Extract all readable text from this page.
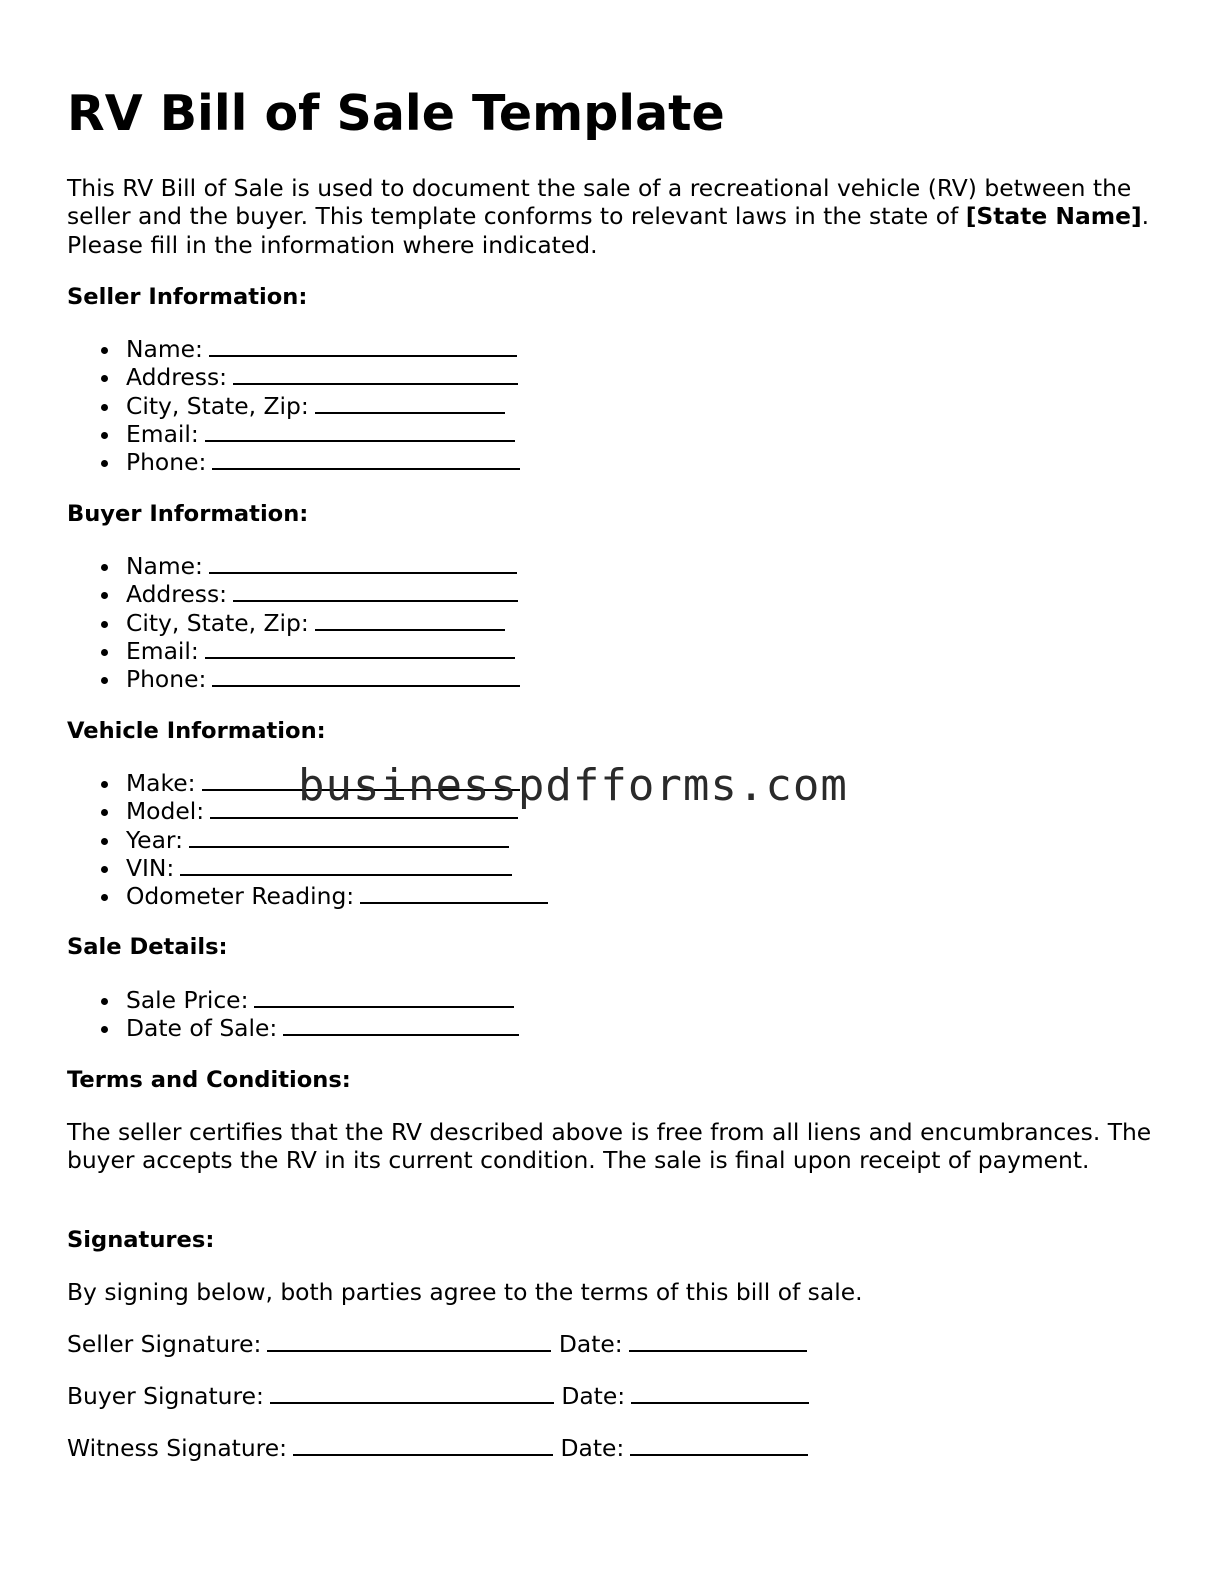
RV Bill of Sale Template

This RV Bill of Sale is used to document the sale of a recreational vehicle (RV) between the seller and the buyer. This template conforms to relevant laws in the state of [State Name]. Please fill in the information where indicated.

Seller Information:
Name:
Address:
City, State, Zip:
Email:
Phone:
Buyer Information:
Name:
Address:
City, State, Zip:
Email:
Phone:
Vehicle Information:
Make:
Model:
Year:
VIN:
Odometer Reading:
Sale Details:
Sale Price:
Date of Sale:
Terms and Conditions:

The seller certifies that the RV described above is free from all liens and encumbrances. The buyer accepts the RV in its current condition. The sale is final upon receipt of payment.

Signatures:

By signing below, both parties agree to the terms of this bill of sale.

Seller Signature:	Date:
Buyer Signature:	Date:
Witness Signature:	Date:
businesspdfforms.com
